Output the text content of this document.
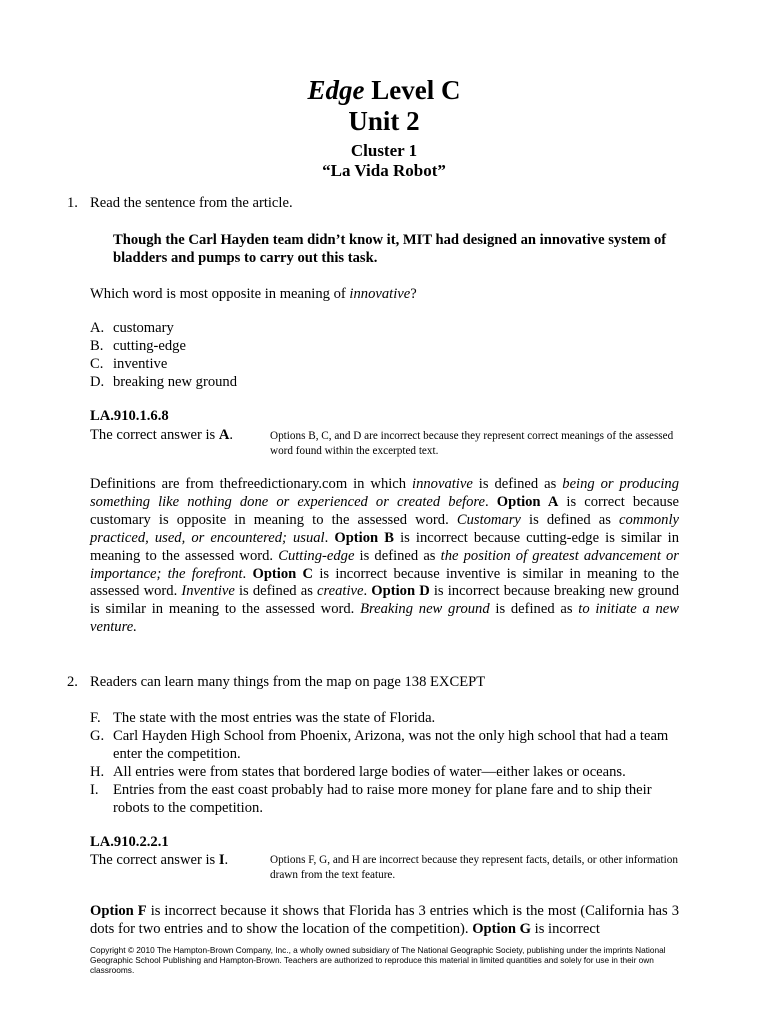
Edge Level C
Unit 2
Cluster 1
“La Vida Robot”
1. Read the sentence from the article.
Though the Carl Hayden team didn’t know it, MIT had designed an innovative system of bladders and pumps to carry out this task.
Which word is most opposite in meaning of innovative?
A. customary
B. cutting-edge
C. inventive
D. breaking new ground
LA.910.1.6.8
The correct answer is A.	Options B, C, and D are incorrect because they represent correct meanings of the assessed word found within the excerpted text.
Definitions are from thefreedictionary.com in which innovative is defined as being or producing something like nothing done or experienced or created before. Option A is correct because customary is opposite in meaning to the assessed word. Customary is defined as commonly practiced, used, or encountered; usual. Option B is incorrect because cutting-edge is similar in meaning to the assessed word. Cutting-edge is defined as the position of greatest advancement or importance; the forefront. Option C is incorrect because inventive is similar in meaning to the assessed word. Inventive is defined as creative. Option D is incorrect because breaking new ground is similar in meaning to the assessed word. Breaking new ground is defined as to initiate a new venture.
2. Readers can learn many things from the map on page 138 EXCEPT
F. The state with the most entries was the state of Florida.
G. Carl Hayden High School from Phoenix, Arizona, was not the only high school that had a team enter the competition.
H. All entries were from states that bordered large bodies of water—either lakes or oceans.
I. Entries from the east coast probably had to raise more money for plane fare and to ship their robots to the competition.
LA.910.2.2.1
The correct answer is I.	Options F, G, and H are incorrect because they represent facts, details, or other information drawn from the text feature.
Option F is incorrect because it shows that Florida has 3 entries which is the most (California has 3 dots for two entries and to show the location of the competition). Option G is incorrect
Copyright © 2010 The Hampton-Brown Company, Inc., a wholly owned subsidiary of The National Geographic Society, publishing under the imprints National Geographic School Publishing and Hampton-Brown. Teachers are authorized to reproduce this material in limited quantities and solely for use in their own classrooms.
